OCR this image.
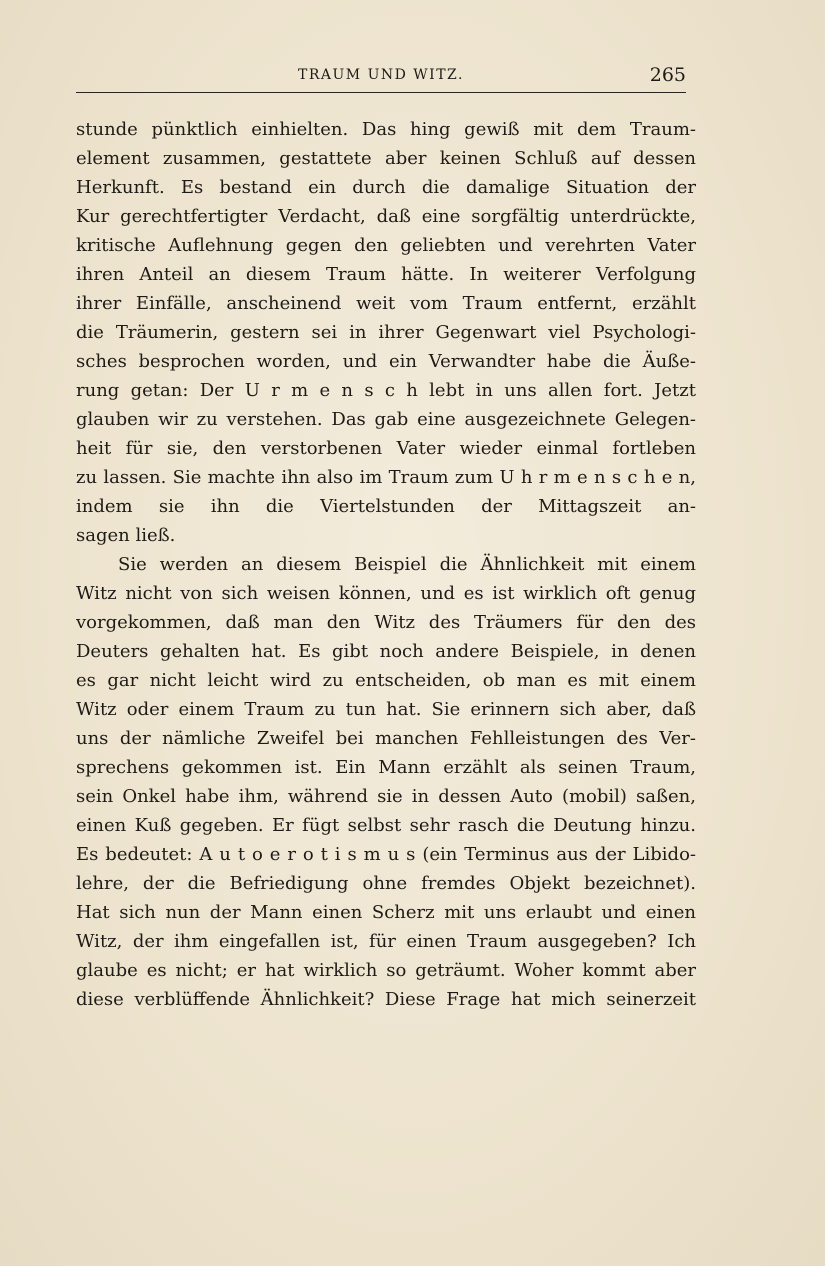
TRAUM UND WITZ.	265
stunde pünktlich einhielten. Das hing gewiß mit dem Traum-
element zusammen, gestattete aber keinen Schluß auf dessen
Herkunft. Es bestand ein durch die damalige Situation der
Kur gerechtfertigter Verdacht, daß eine sorgfältig unterdrückte,
kritische Auflehnung gegen den geliebten und verehrten Vater
ihren Anteil an diesem Traum hätte. In weiterer Verfolgung
ihrer Einfälle, anscheinend weit vom Traum entfernt, erzählt
die Träumerin, gestern sei in ihrer Gegenwart viel Psychologi-
sches besprochen worden, und ein Verwandter habe die Äuße-
rung getan: Der U r m e n s c h lebt in uns allen fort. Jetzt
glauben wir zu verstehen. Das gab eine ausgezeichnete Gelegen-
heit für sie, den verstorbenen Vater wieder einmal fortleben
zu lassen. Sie machte ihn also im Traum zum U h r m e n s c h e n,
indem sie ihn die Viertelstunden der Mittagszeit an-
sagen ließ.
Sie werden an diesem Beispiel die Ähnlichkeit mit einem
Witz nicht von sich weisen können, und es ist wirklich oft genug
vorgekommen, daß man den Witz des Träumers für den des
Deuters gehalten hat. Es gibt noch andere Beispiele, in denen
es gar nicht leicht wird zu entscheiden, ob man es mit einem
Witz oder einem Traum zu tun hat. Sie erinnern sich aber, daß
uns der nämliche Zweifel bei manchen Fehlleistungen des Ver-
sprechens gekommen ist. Ein Mann erzählt als seinen Traum,
sein Onkel habe ihm, während sie in dessen Auto (mobil) saßen,
einen Kuß gegeben. Er fügt selbst sehr rasch die Deutung hinzu.
Es bedeutet: A u t o e r o t i s m u s (ein Terminus aus der Libido-
lehre, der die Befriedigung ohne fremdes Objekt bezeichnet).
Hat sich nun der Mann einen Scherz mit uns erlaubt und einen
Witz, der ihm eingefallen ist, für einen Traum ausgegeben? Ich
glaube es nicht; er hat wirklich so geträumt. Woher kommt aber
diese verblüffende Ähnlichkeit? Diese Frage hat mich seinerzeit
